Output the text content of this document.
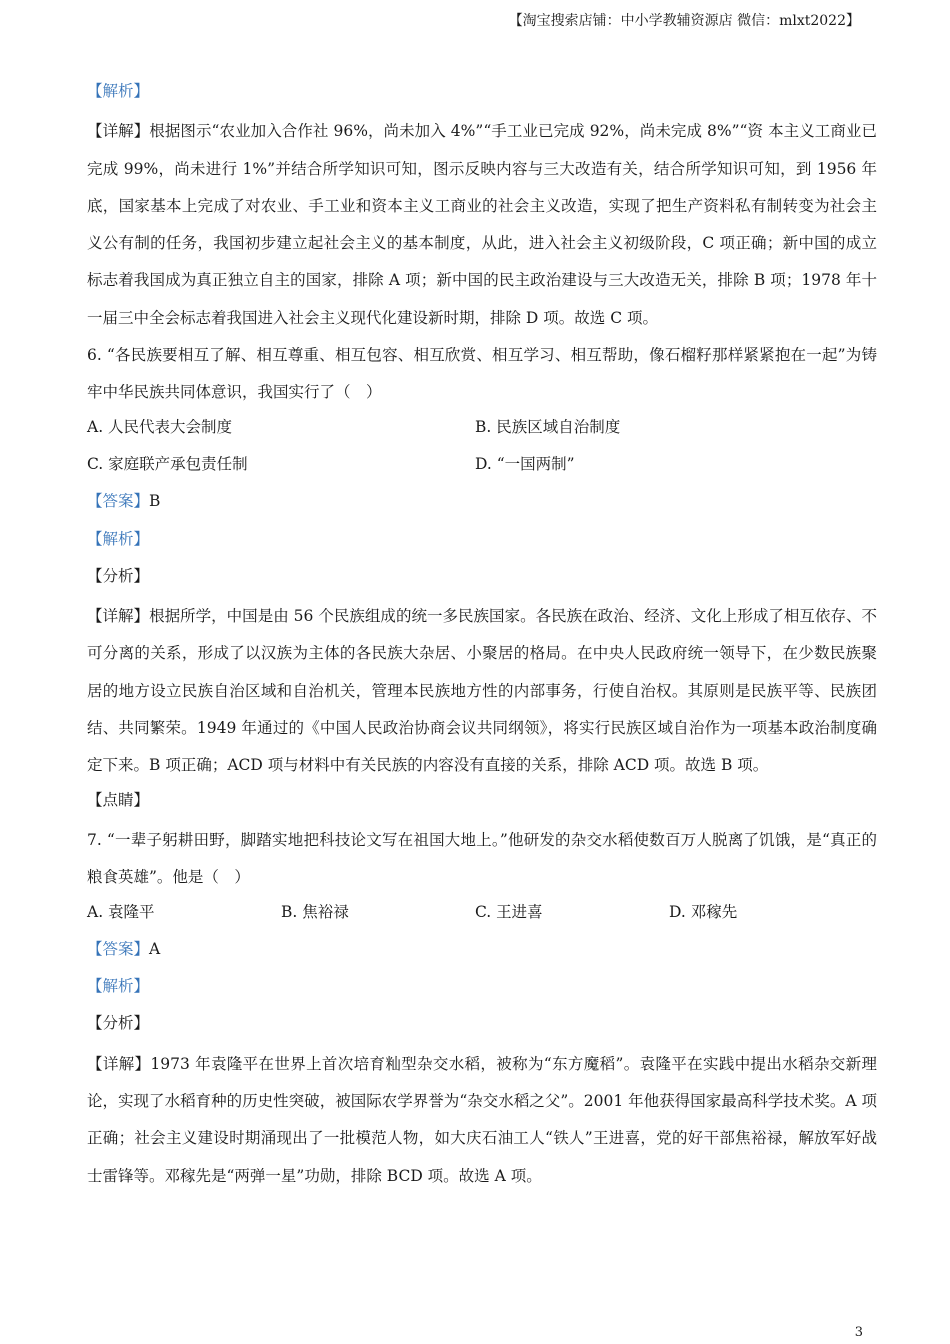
【淘宝搜索店铺：中小学教辅资源店 微信：mlxt2022】
【解析】
【详解】根据图示“农业加入合作社 96%，尚未加入 4%”“手工业已完成 92%，尚未完成 8%”“资 本主义工商业已完成 99%，尚未进行 1%”并结合所学知识可知，图示反映内容与三大改造有关，结合所学知识可知，到 1956 年底，国家基本上完成了对农业、手工业和资本主义工商业的社会主义改造，实现了把生产资料私有制转变为社会主义公有制的任务，我国初步建立起社会主义的基本制度，从此，进入社会主义初级阶段，C 项正确；新中国的成立标志着我国成为真正独立自主的国家，排除 A 项；新中国的民主政治建设与三大改造无关，排除 B 项；1978 年十一届三中全会标志着我国进入社会主义现代化建设新时期，排除 D 项。故选 C 项。
6. “各民族要相互了解、相互尊重、相互包容、相互欣赏、相互学习、相互帮助，像石榴籽那样紧紧抱在一起”为铸牢中华民族共同体意识，我国实行了（　）
A. 人民代表大会制度	B. 民族区域自治制度
C. 家庭联产承包责任制	D. “一国两制”
【答案】B
【解析】
【分析】
【详解】根据所学，中国是由 56 个民族组成的统一多民族国家。各民族在政治、经济、文化上形成了相互依存、不可分离的关系，形成了以汉族为主体的各民族大杂居、小聚居的格局。在中央人民政府统一领导下，在少数民族聚居的地方设立民族自治区域和自治机关，管理本民族地方性的内部事务，行使自治权。其原则是民族平等、民族团结、共同繁荣。1949 年通过的《中国人民政治协商会议共同纲领》，将实行民族区域自治作为一项基本政治制度确定下来。B 项正确；ACD 项与材料中有关民族的内容没有直接的关系，排除 ACD 项。故选 B 项。
【点睛】
7. “一辈子躬耕田野，脚踏实地把科技论文写在祖国大地上。”他研发的杂交水稻使数百万人脱离了饥饿，是“真正的粮食英雄”。他是（　）
A. 袁隆平	B. 焦裕禄	C. 王进喜	D. 邓稼先
【答案】A
【解析】
【分析】
【详解】1973 年袁隆平在世界上首次培育籼型杂交水稻，被称为“东方魔稻”。袁隆平在实践中提出水稻杂交新理论，实现了水稻育种的历史性突破，被国际农学界誉为“杂交水稻之父”。2001 年他获得国家最高科学技术奖。A 项正确；社会主义建设时期涌现出了一批模范人物，如大庆石油工人“铁人”王进喜，党的好干部焦裕禄，解放军好战士雷锋等。邓稼先是“两弹一星”功勋，排除 BCD 项。故选 A 项。
3
